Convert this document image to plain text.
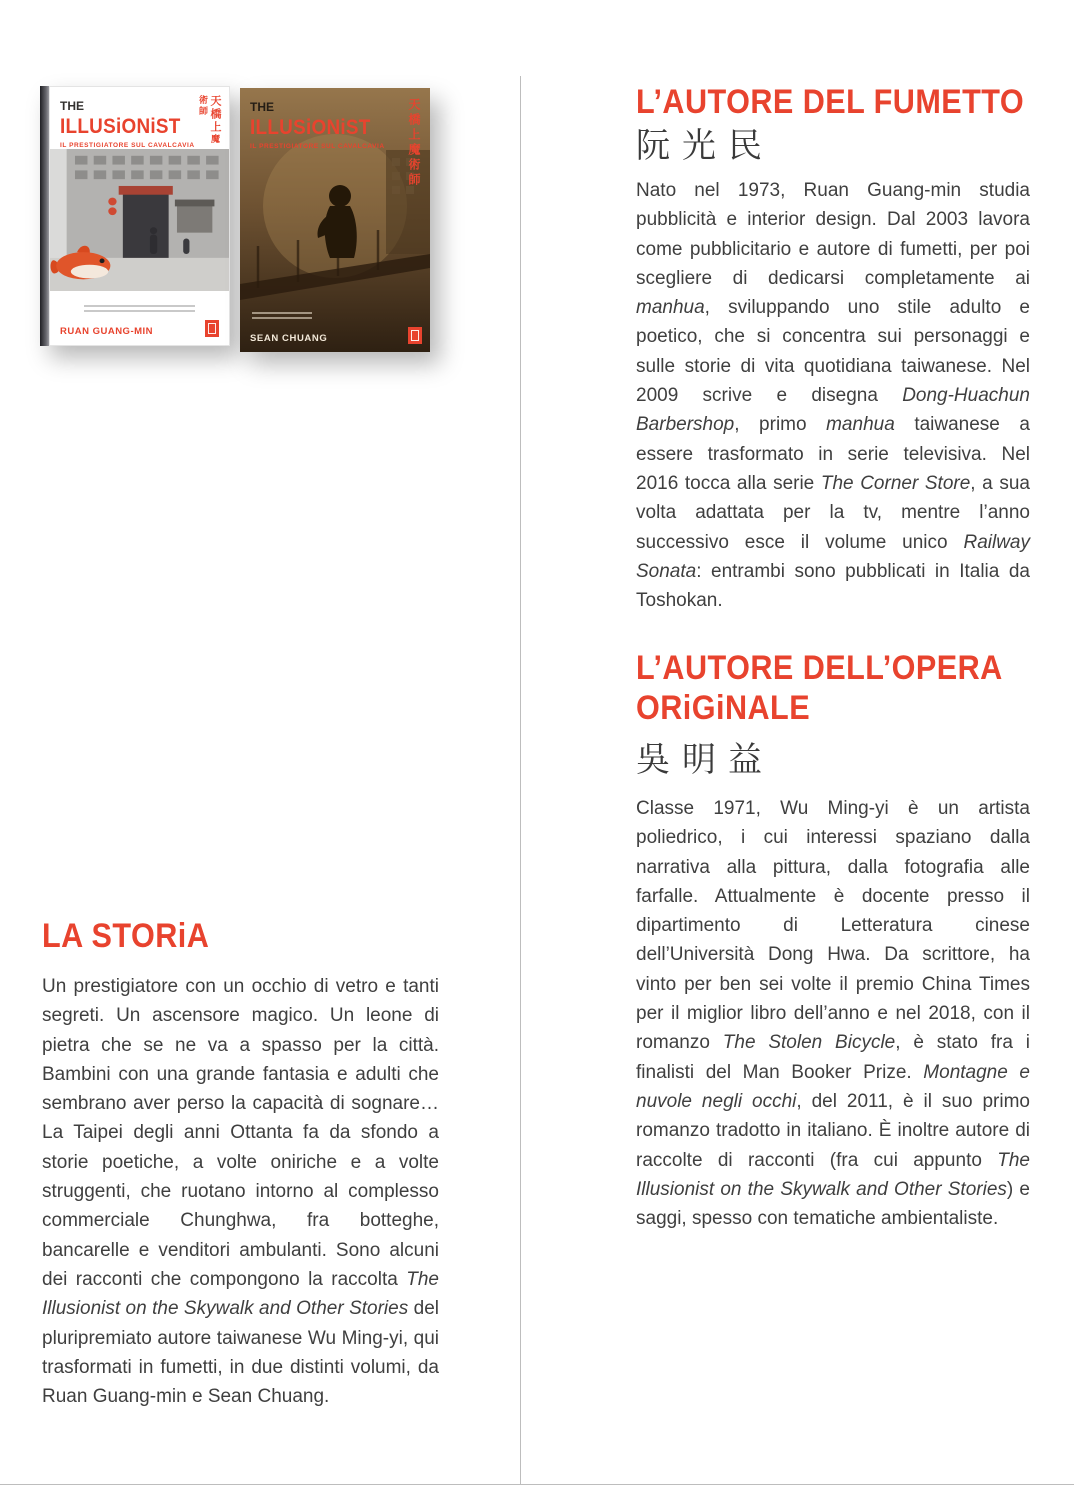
THEILLUSiONiST
IL PRESTIGIATORE SUL CAVALCAVIA
天橋上魔術師
RUAN GUANG-MIN
THEILLUSiONiST
IL PRESTIGIATORE SUL CAVALCAVIA
天橋上魔術師
SEAN CHUANG
LA STORiA

Un prestigiatore con un occhio di vetro e tanti segreti. Un ascensore magico. Un leone di pietra che se ne va a spasso per la città. Bambini con una grande fantasia e adulti che sembrano aver perso la capacità di sognare… La Taipei degli anni Ottanta fa da sfondo a storie poetiche, a volte oniriche e a volte struggenti, che ruotano intorno al complesso commerciale Chunghwa, fra botteghe, bancarelle e venditori ambulanti. Sono alcuni dei racconti che compongono la raccolta The Illusionist on the Skywalk and Other Stories del pluripremiato autore taiwanese Wu Ming-yi, qui trasformati in fumetti, in due distinti volumi, da Ruan Guang-min e Sean Chuang.

L’AUTORE DEL FUMETTO
阮光民

Nato nel 1973, Ruan Guang-min studia pubblicità e interior design. Dal 2003 lavora come pubblicitario e autore di fumetti, per poi scegliere di dedicarsi completamente ai manhua, sviluppando uno stile adulto e poetico, che si concentra sui personaggi e sulle storie di vita quotidiana taiwanese. Nel 2009 scrive e disegna Dong-Huachun Barbershop, primo manhua taiwanese a essere trasformato in serie televisiva. Nel 2016 tocca alla serie The Corner Store, a sua volta adattata per la tv, mentre l’anno successivo esce il volume unico Railway Sonata: entrambi sono pubblicati in Italia da Toshokan.

L’AUTORE DELL’OPERA
ORiGiNALE
吳明益

Classe 1971, Wu Ming-yi è un artista poliedrico, i cui interessi spaziano dalla narrativa alla pittura, dalla fotografia alle farfalle. Attualmente è docente presso il dipartimento di Letteratura cinese dell’Università Dong Hwa. Da scrittore, ha vinto per ben sei volte il premio China Times per il miglior libro dell’anno e nel 2018, con il romanzo The Stolen Bicycle, è stato fra i finalisti del Man Booker Prize. Montagne e nuvole negli occhi, del 2011, è il suo primo romanzo tradotto in italiano. È inoltre autore di raccolte di racconti (fra cui appunto The Illusionist on the Skywalk and Other Stories) e saggi, spesso con tematiche ambientaliste.
